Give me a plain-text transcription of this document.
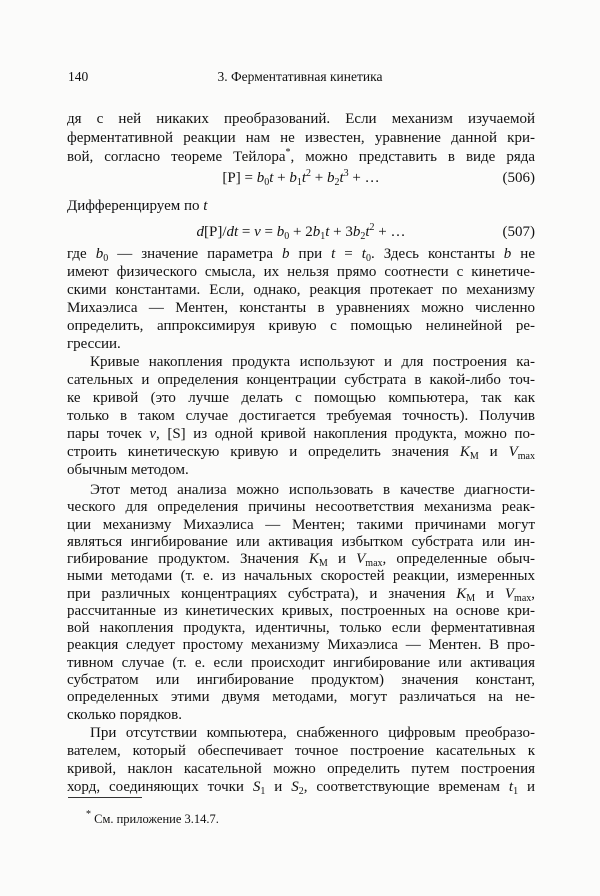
140	3. Ферментативная кинетика
дя с ней никаких преобразований. Если механизм изучаемой
ферментативной реакции нам не известен, уравнение данной кри-
вой, согласно теореме Тейлора*, можно представить в виде ряда
$[P] = b_0t + b_1t^2 + b_2t^3$ + …	(506)
Дифференцируем по t
$d[P]/dt = v = b_0 + 2b_1t + 3b_2t^2$ + …	(507)
где $b_0$ — значение параметра b при $t = t_0$. Здесь константы b не
имеют физического смысла, их нельзя прямо соотнести с кинетиче-
скими константами. Если, однако, реакция протекает по механизму
Михаэлиса — Ментен, константы в уравнениях можно численно
определить, аппроксимируя кривую с помощью нелинейной ре-
грессии.
Кривые накопления продукта используют и для построения ка-
сательных и определения концентрации субстрата в какой-либо точ-
ке кривой (это лучше делать с помощью компьютера, так как
только в таком случае достигается требуемая точность). Получив
пары точек v, [S] из одной кривой накопления продукта, можно по-
строить кинетическую кривую и определить значения $K_M$ и $V_{max}$
обычным методом.
Этот метод анализа можно использовать в качестве диагности-
ческого для определения причины несоответствия механизма реак-
ции механизму Михаэлиса — Ментен; такими причинами могут
являться ингибирование или активация избытком субстрата или ин-
гибирование продуктом. Значения $K_M$ и $V_{max}$, определенные обыч-
ными методами (т. е. из начальных скоростей реакции, измеренных
при различных концентрациях субстрата), и значения $K_M$ и $V_{max}$,
рассчитанные из кинетических кривых, построенных на основе кри-
вой накопления продукта, идентичны, только если ферментативная
реакция следует простому механизму Михаэлиса — Ментен. В про-
тивном случае (т. е. если происходит ингибирование или активация
субстратом или ингибирование продуктом) значения констант,
определенных этими двумя методами, могут различаться на не-
сколько порядков.
При отсутствии компьютера, снабженного цифровым преобразо-
вателем, который обеспечивает точное построение касательных к
кривой, наклон касательной можно определить путем построения
хорд, соединяющих точки $S_1$ и $S_2$, соответствующие временам $t_1$ и
* См. приложение 3.14.7.
